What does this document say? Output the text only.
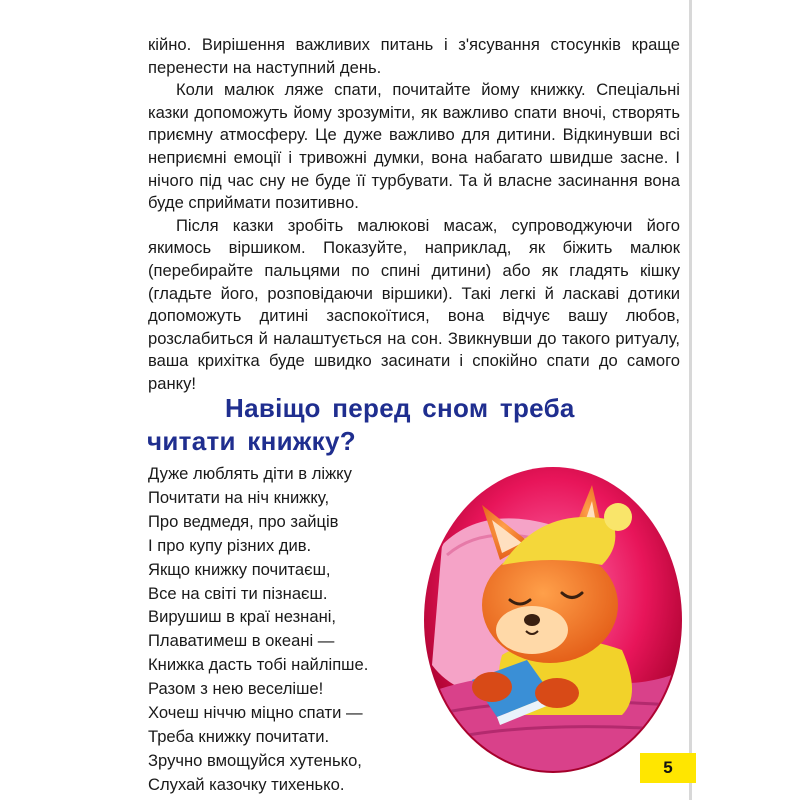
кійно. Вирішення важливих питань і з'ясування стосунків краще перенести на наступний день.

Коли малюк ляже спати, почитайте йому книжку. Спеціальні казки допоможуть йому зрозуміти, як важливо спати вночі, створять приємну атмосферу. Це дуже важливо для дитини. Відкинувши всі неприємні емоції і тривожні думки, вона набагато швидше засне. І нічого під час сну не буде її турбувати. Та й власне засинання вона буде сприймати позитивно.

Після казки зробіть малюкові масаж, супроводжуючи його якимось віршиком. Показуйте, наприклад, як біжить малюк (перебирайте пальцями по спині дитини) або як гладять кішку (гладьте його, розповідаючи віршики). Такі легкі й ласкаві дотики допоможуть дитині заспокоїтися, вона відчує вашу любов, розслабиться й налаштується на сон. Звикнувши до такого ритуалу, ваша крихітка буде швидко засинати і спокійно спати до самого ранку!

Навіщо перед сном треба
читати книжку?
Дуже люблять діти в ліжку
Почитати на ніч книжку,
Про ведмедя, про зайців
І про купу різних див.
Якщо книжку почитаєш,
Все на світі ти пізнаєш.
Вирушиш в краї незнані,
Плаватимеш в океані —
Книжка дасть тобі найліпше.
Разом з нею веселіше!
Хочеш ніччю міцно спати —
Треба книжку почитати.
Зручно вмощуйся хутенько,
Слухай казочку тихенько.
5
